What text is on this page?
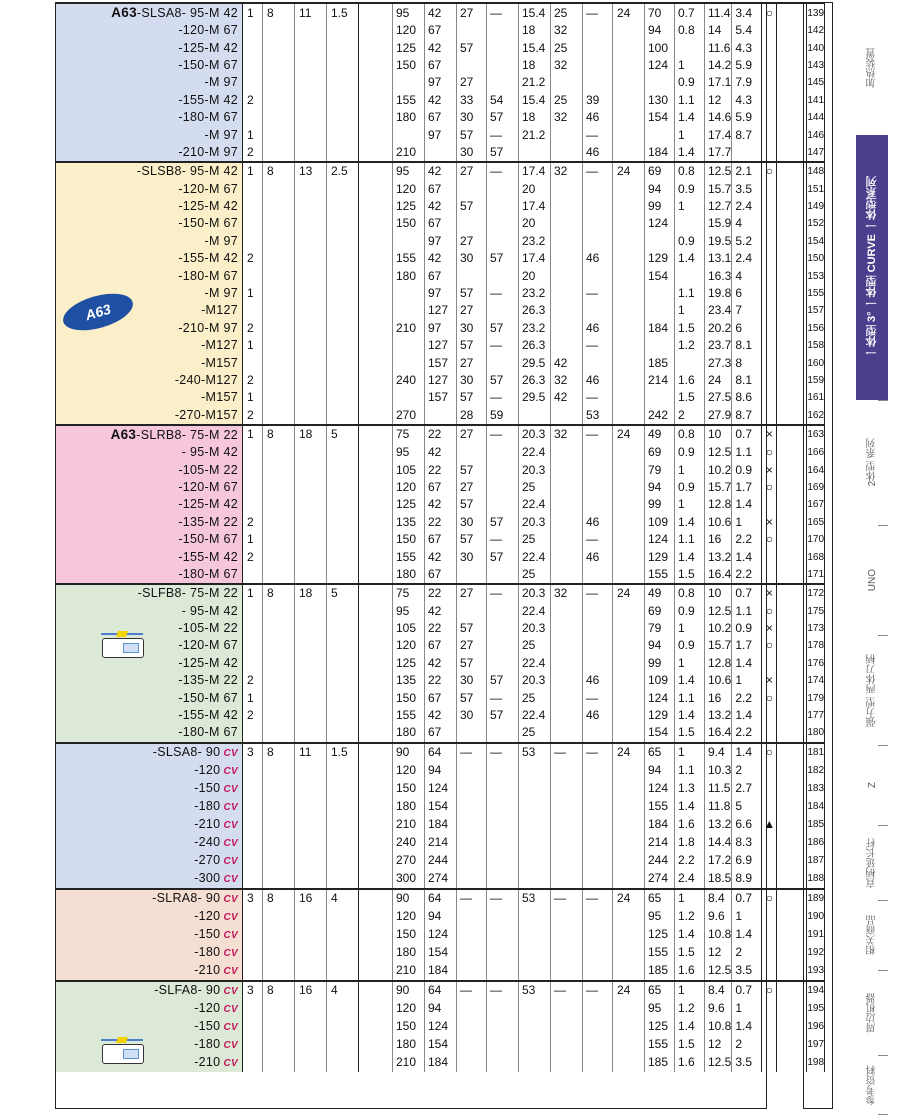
A63-SLSA8- 95-M 42	1	8	11	1.5		95	42	27	—	15.4	25	—	24	70	0.7	11.4	3.4	○		139
-120-M 67						120	67			18	32			94	0.8	14	5.4			142
-125-M 42						125	42	57		15.4	25			100		11.6	4.3			140
-150-M 67						150	67			18	32			124	1	14.2	5.9			143
-M 97							97	27		21.2					0.9	17.1	7.9			145
-155-M 42	2					155	42	33	54	15.4	25	39		130	1.1	12	4.3			141
-180-M 67						180	67	30	57	18	32	46		154	1.4	14.6	5.9			144
-M 97	1						97	57	—	21.2		—			1	17.4	8.7			146
-210-M 97	2					210		30	57			46		184	1.4	17.7				147
-SLSB8- 95-M 42	1	8	13	2.5		95	42	27	—	17.4	32	—	24	69	0.8	12.5	2.1	○		148
-120-M 67						120	67			20				94	0.9	15.7	3.5			151
-125-M 42						125	42	57		17.4				99	1	12.7	2.4			149
-150-M 67						150	67			20				124		15.9	4			152
-M 97							97	27		23.2					0.9	19.5	5.2			154
-155-M 42	2					155	42	30	57	17.4		46		129	1.4	13.1	2.4			150
-180-M 67						180	67			20				154		16.3	4			153
-M 97	1						97	57	—	23.2		—			1.1	19.8	6			155
-M127							127	27		26.3					1	23.4	7			157
-210-M 97	2					210	97	30	57	23.2		46		184	1.5	20.2	6			156
-M127	1						127	57	—	26.3		—			1.2	23.7	8.1			158
-M157							157	27		29.5	42			185		27.3	8			160
-240-M127	2					240	127	30	57	26.3	32	46		214	1.6	24	8.1			159
-M157	1						157	57	—	29.5	42	—			1.5	27.5	8.6			161
-270-M157	2					270		28	59			53		242	2	27.9	8.7			162
A63-SLRB8- 75-M 22	1	8	18	5		75	22	27	—	20.3	32	—	24	49	0.8	10	0.7	×		163
- 95-M 42						95	42			22.4				69	0.9	12.5	1.1	○		166
-105-M 22						105	22	57		20.3				79	1	10.2	0.9	×		164
-120-M 67						120	67	27		25				94	0.9	15.7	1.7	○		169
-125-M 42						125	42	57		22.4				99	1	12.8	1.4			167
-135-M 22	2					135	22	30	57	20.3		46		109	1.4	10.6	1	×		165
-150-M 67	1					150	67	57	—	25		—		124	1.1	16	2.2	○		170
-155-M 42	2					155	42	30	57	22.4		46		129	1.4	13.2	1.4			168
-180-M 67						180	67			25				155	1.5	16.4	2.2			171
-SLFB8- 75-M 22	1	8	18	5		75	22	27	—	20.3	32	—	24	49	0.8	10	0.7	×		172
- 95-M 42						95	42			22.4				69	0.9	12.5	1.1	○		175
-105-M 22						105	22	57		20.3				79	1	10.2	0.9	×		173
-120-M 67						120	67	27		25				94	0.9	15.7	1.7	○		178
-125-M 42						125	42	57		22.4				99	1	12.8	1.4			176
-135-M 22	2					135	22	30	57	20.3		46		109	1.4	10.6	1	×		174
-150-M 67	1					150	67	57	—	25		—		124	1.1	16	2.2	○		179
-155-M 42	2					155	42	30	57	22.4		46		129	1.4	13.2	1.4			177
-180-M 67						180	67			25				154	1.5	16.4	2.2			180
-SLSA8- 90 CV	3	8	11	1.5		90	64	—	—	53	—	—	24	65	1	9.4	1.4	○		181
-120 CV						120	94							94	1.1	10.3	2			182
-150 CV						150	124							124	1.3	11.5	2.7			183
-180 CV						180	154							155	1.4	11.8	5			184
-210 CV						210	184							184	1.6	13.2	6.6	▲		185
-240 CV						240	214							214	1.8	14.4	8.3			186
-270 CV						270	244							244	2.2	17.2	6.9			187
-300 CV						300	274							274	2.4	18.5	8.9			188
-SLRA8- 90 CV	3	8	16	4		90	64	—	—	53	—	—	24	65	1	8.4	0.7	○		189
-120 CV						120	94							95	1.2	9.6	1			190
-150 CV						150	124							125	1.4	10.8	1.4			191
-180 CV						180	154							155	1.5	12	2			192
-210 CV						210	184							185	1.6	12.5	3.5			193
-SLFA8- 90 CV	3	8	16	4		90	64	—	—	53	—	—	24	65	1	8.4	0.7	○		194
-120 CV						120	94							95	1.2	9.6	1			195
-150 CV						150	124							125	1.4	10.8	1.4			196
-180 CV						180	154							155	1.5	12	2			197
-210 CV						210	184							185	1.6	12.5	3.5			198
A63
加热装置
一体型 3° 一体型 CURVE 一体型系列
2体型 系列
UNO
强力型 两体刀柄
Z
直柄延长杆
相关商品
周边机器
参考资料
